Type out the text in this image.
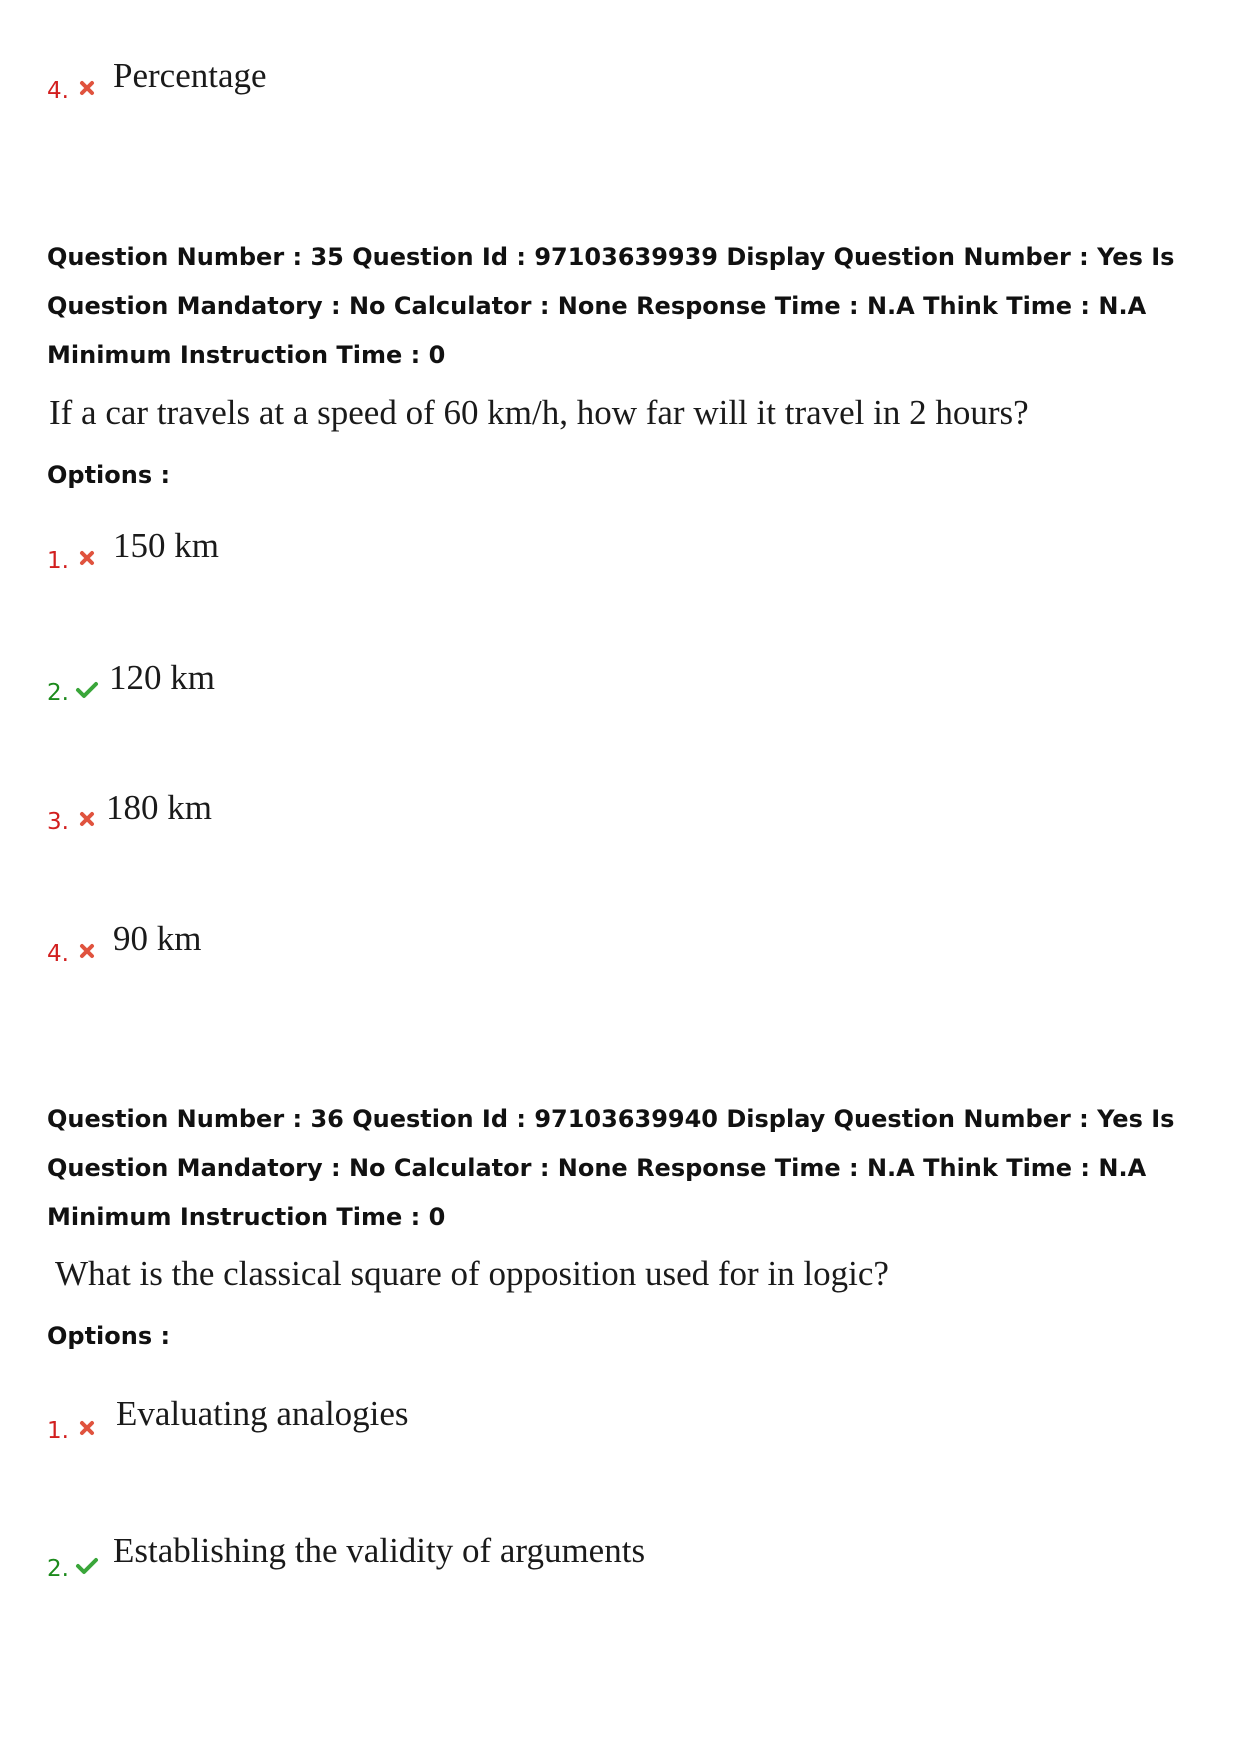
4. Percentage
Question Number : 35 Question Id : 97103639939 Display Question Number : Yes Is Question Mandatory : No Calculator : None Response Time : N.A Think Time : N.A Minimum Instruction Time : 0
If a car travels at a speed of 60 km/h, how far will it travel in 2 hours?
Options :
1. 150 km
2. 120 km
3. 180 km
4. 90 km
Question Number : 36 Question Id : 97103639940 Display Question Number : Yes Is Question Mandatory : No Calculator : None Response Time : N.A Think Time : N.A Minimum Instruction Time : 0
What is the classical square of opposition used for in logic?
Options :
1. Evaluating analogies
2. Establishing the validity of arguments
